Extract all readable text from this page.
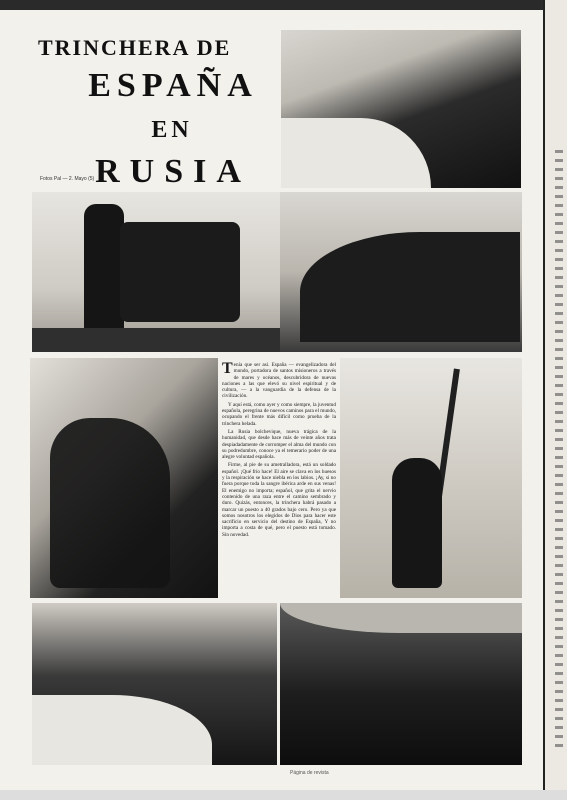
TRINCHERA DE
ESPAÑA
EN
RUSIA
Fotos Pal — 2. Mayo (5)

Tenía que ser así. España — evangelizadora del mundo, portadora de santos misioneros a través de mares y océanos, descubridora de nuevas naciones a las que elevó su nivel espiritual y de cultura, — a la vanguardia de la defensa de la civilización.

Y aquí está, como ayer y como siempre, la juventud española, peregrina de nuevos caminos para el mundo, ocupando el frente más difícil como prueba de la trinchera helada.

La Rusia bolchevique, nueva trágica de la humanidad, que desde hace más de veinte años trata despiadadamente de corromper el alma del mundo con su podredumbre, conoce ya el temerario poder de una alegre voluntad española.

Firme, al pie de su ametralladora, está un soldado español. ¡Qué frío hace! El aire se clava en los huesos y la respiración se hace niebla en los labios. ¡Ay, si no fuera porque toda la sangre ibérica arde en sus venas! El enemigo no importa; español, que grita el nervio contenido de una raza entre el camino sembrado y duro. Quizás, entonces, la trinchera habrá pasado a marcar un puesto a 40 grados bajo cero. Pero ya que somos nosotros los elegidos de Dios para hacer este sacrificio en servicio del destino de España, Y no importa a costa de qué, pero el puesto está tomado. Sin novedad.

Página de revista
